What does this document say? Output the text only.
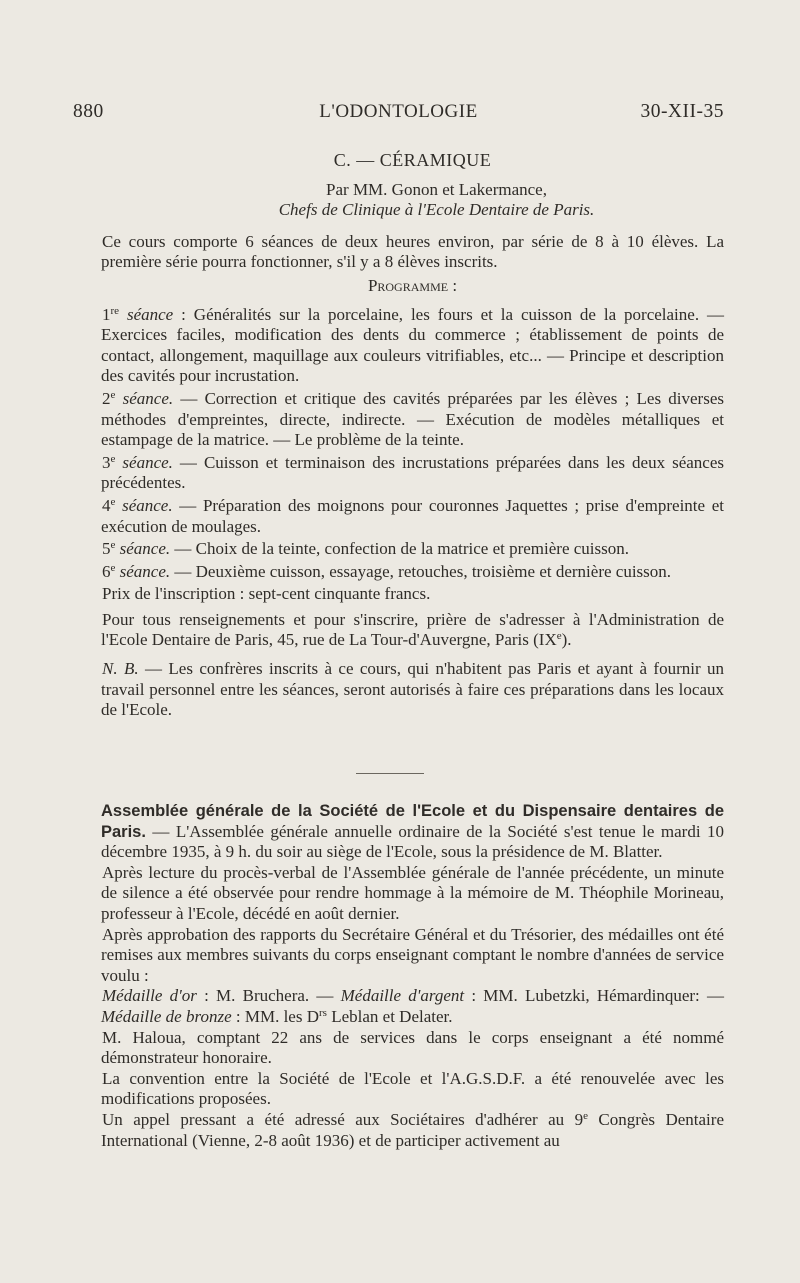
880	L'ODONTOLOGIE	30-XII-35

C. — CÉRAMIQUE

Par MM. Gonon et Lakermance,

Chefs de Clinique à l'Ecole Dentaire de Paris.

Ce cours comporte 6 séances de deux heures environ, par série de 8 à 10 élèves. La première série pourra fonctionner, s'il y a 8 élèves inscrits.

Programme :

1re séance : Généralités sur la porcelaine, les fours et la cuisson de la porcelaine. — Exercices faciles, modification des dents du commerce ; établissement de points de contact, allongement, maquillage aux couleurs vitrifiables, etc... — Principe et description des cavités pour incrustation.

2e séance. — Correction et critique des cavités préparées par les élèves ; Les diverses méthodes d'empreintes, directe, indirecte. — Exécution de modèles métalliques et estampage de la matrice. — Le problème de la teinte.

3e séance. — Cuisson et terminaison des incrustations préparées dans les deux séances précédentes.

4e séance. — Préparation des moignons pour couronnes Jaquettes ; prise d'empreinte et exécution de moulages.

5e séance. — Choix de la teinte, confection de la matrice et première cuisson.

6e séance. — Deuxième cuisson, essayage, retouches, troisième et dernière cuisson.

Prix de l'inscription : sept-cent cinquante francs.

Pour tous renseignements et pour s'inscrire, prière de s'adresser à l'Administration de l'Ecole Dentaire de Paris, 45, rue de La Tour-d'Auvergne, Paris (IXe).

N. B. — Les confrères inscrits à ce cours, qui n'habitent pas Paris et ayant à fournir un travail personnel entre les séances, seront autorisés à faire ces préparations dans les locaux de l'Ecole.

Assemblée générale de la Société de l'Ecole et du Dispensaire dentaires de Paris. — L'Assemblée générale annuelle ordinaire de la Société s'est tenue le mardi 10 décembre 1935, à 9 h. du soir au siège de l'Ecole, sous la présidence de M. Blatter.

Après lecture du procès-verbal de l'Assemblée générale de l'année précédente, un minute de silence a été observée pour rendre hommage à la mémoire de M. Théophile Morineau, professeur à l'Ecole, décédé en août dernier.

Après approbation des rapports du Secrétaire Général et du Trésorier, des médailles ont été remises aux membres suivants du corps enseignant comptant le nombre d'années de service voulu :

Médaille d'or : M. Bruchera. — Médaille d'argent : MM. Lubetzki, Hémardinquer: — Médaille de bronze : MM. les $D^{rs}$ Leblan et Delater.

M. Haloua, comptant 22 ans de services dans le corps enseignant a été nommé démonstrateur honoraire.

La convention entre la Société de l'Ecole et l'A.G.S.D.F. a été renouvelée avec les modifications proposées.

Un appel pressant a été adressé aux Sociétaires d'adhérer au 9e Congrès Dentaire International (Vienne, 2-8 août 1936) et de participer activement au
